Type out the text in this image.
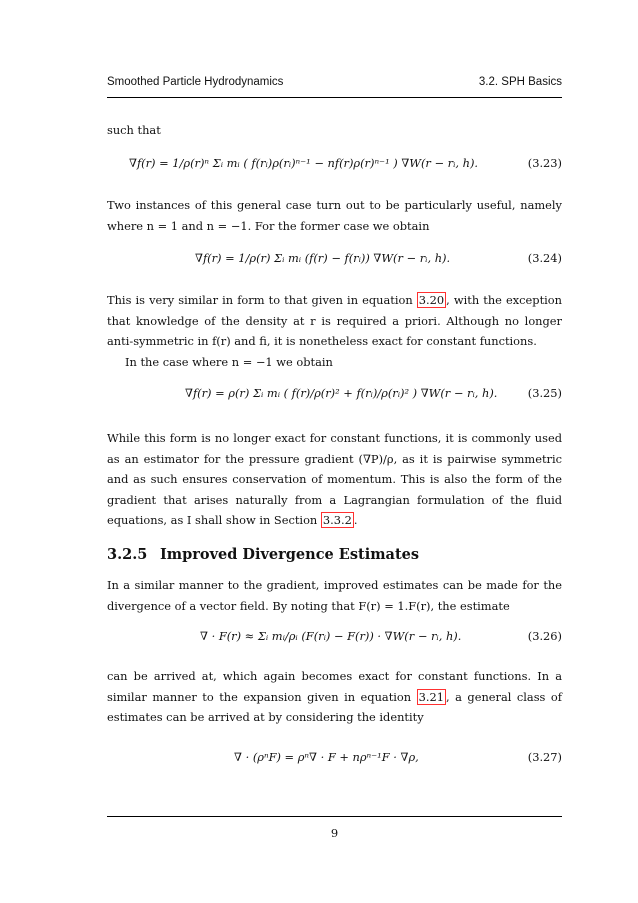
Smoothed Particle Hydrodynamics	3.2. SPH Basics
such that
∇f(r) = 1/ρ(r)ⁿ Σᵢ mᵢ ( f(rᵢ)ρ(rᵢ)ⁿ⁻¹ − nf(r)ρ(r)ⁿ⁻¹ ) ∇W(r − rᵢ, h).	(3.23)
Two instances of this general case turn out to be particularly useful, namely where n = 1 and n = −1. For the former case we obtain
∇f(r) = 1/ρ(r) Σᵢ mᵢ (f(r) − f(rᵢ)) ∇W(r − rᵢ, h).	(3.24)
This is very similar in form to that given in equation 3.20 , with the exception that knowledge of the density at r is required a priori. Although no longer anti-symmetric in f(r) and fi, it is nonetheless exact for constant functions.
In the case where n = −1 we obtain
∇f(r) = ρ(r) Σᵢ mᵢ ( f(r)/ρ(r)² + f(rᵢ)/ρ(rᵢ)² ) ∇W(r − rᵢ, h).	(3.25)
While this form is no longer exact for constant functions, it is commonly used as an estimator for the pressure gradient (∇P)/ρ, as it is pairwise symmetric and as such ensures conservation of momentum. This is also the form of the gradient that arises naturally from a Lagrangian formulation of the fluid equations, as I shall show in Section 3.3.2 .
3.2.5 Improved Divergence Estimates
In a similar manner to the gradient, improved estimates can be made for the divergence of a vector field. By noting that F(r) = 1.F(r), the estimate
∇ · F(r) ≈ Σᵢ mᵢ/ρᵢ (F(rᵢ) − F(r)) · ∇W(r − rᵢ, h).	(3.26)
can be arrived at, which again becomes exact for constant functions. In a similar manner to the expansion given in equation 3.21 , a general class of estimates can be arrived at by considering the identity
∇ · (ρⁿF) = ρⁿ∇ · F + nρⁿ⁻¹F · ∇ρ,	(3.27)
9
